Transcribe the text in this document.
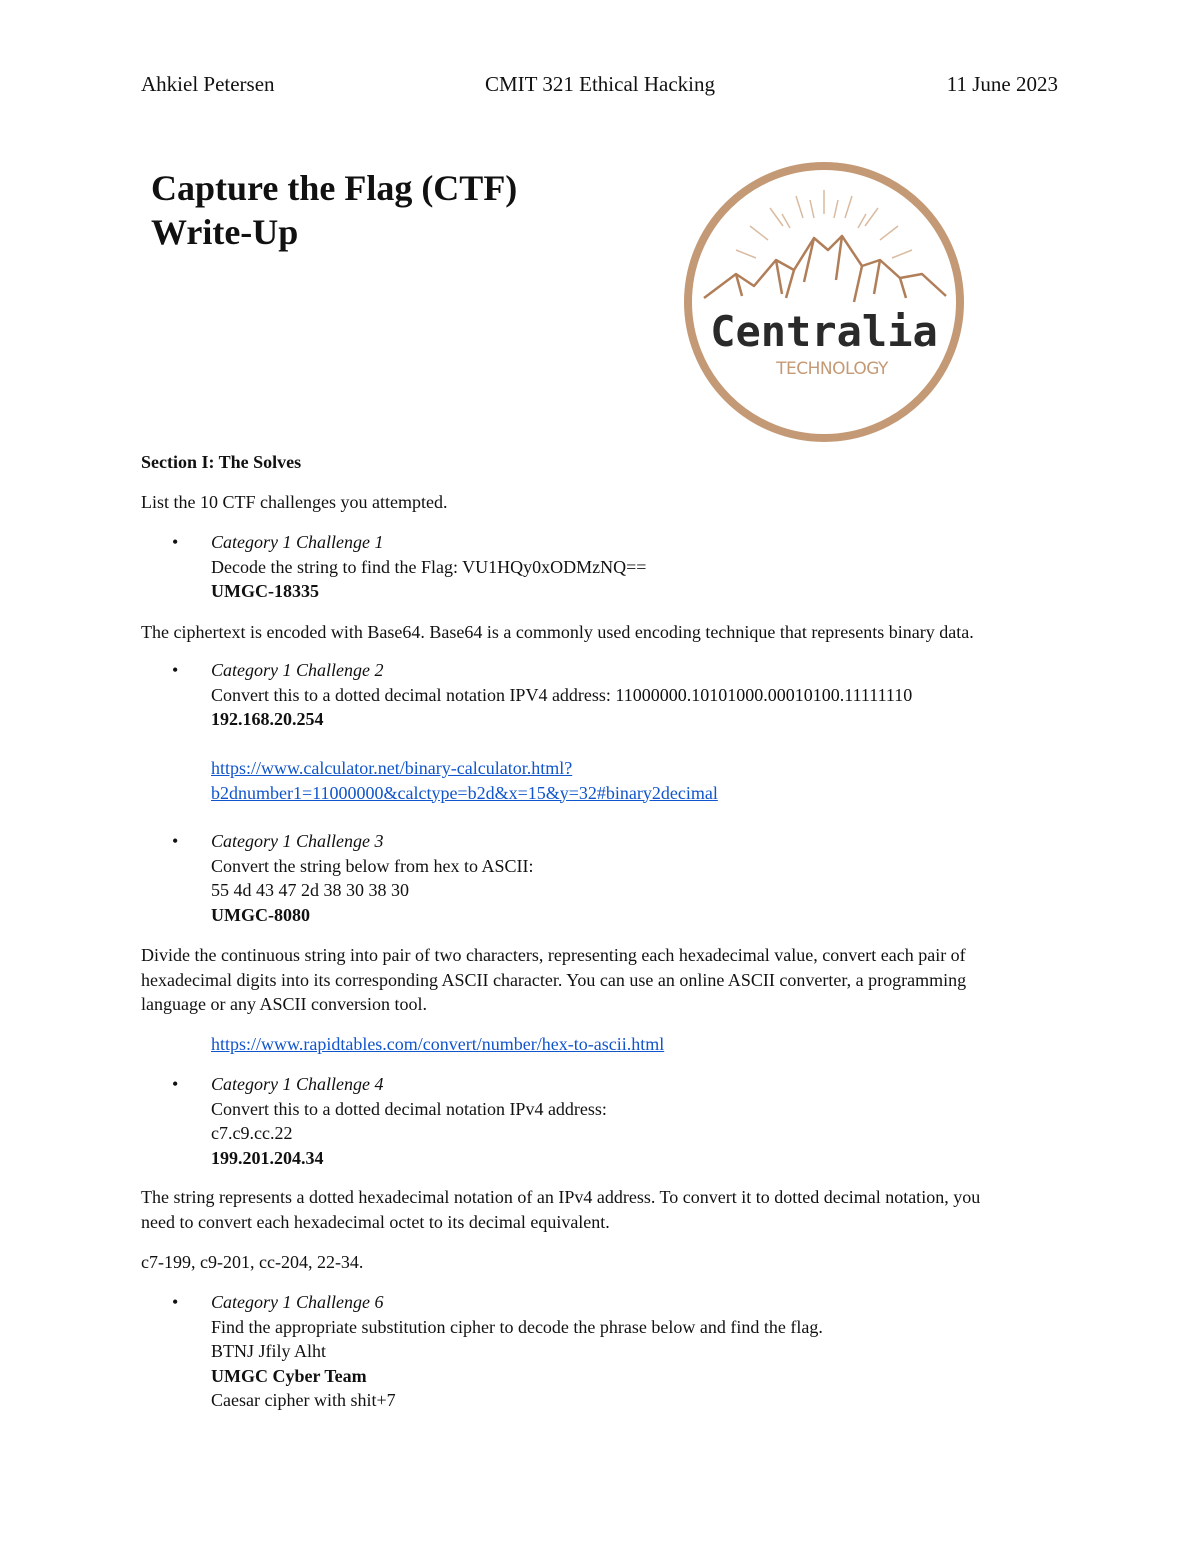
Ahkiel Petersen	CMIT 321 Ethical Hacking	11 June 2023
Capture the Flag (CTF)
Write-Up
Centralia
TECHNOLOGY
Section I: The Solves
List the 10 CTF challenges you attempted.
• Category 1 Challenge 1
Decode the string to find the Flag: VU1HQy0xODMzNQ==
UMGC-18335
The ciphertext is encoded with Base64. Base64 is a commonly used encoding technique that represents binary data.
• Category 1 Challenge 2
Convert this to a dotted decimal notation IPV4 address: 11000000.10101000.00010100.11111110
192.168.20.254
https://www.calculator.net/binary-calculator.html?
b2dnumber1=11000000&calctype=b2d&x=15&y=32#binary2decimal
• Category 1 Challenge 3
Convert the string below from hex to ASCII:
55 4d 43 47 2d 38 30 38 30
UMGC-8080
Divide the continuous string into pair of two characters, representing each hexadecimal value, convert each pair of
hexadecimal digits into its corresponding ASCII character. You can use an online ASCII converter, a programming
language or any ASCII conversion tool.
https://www.rapidtables.com/convert/number/hex-to-ascii.html
• Category 1 Challenge 4
Convert this to a dotted decimal notation IPv4 address:
c7.c9.cc.22
199.201.204.34
The string represents a dotted hexadecimal notation of an IPv4 address. To convert it to dotted decimal notation, you
need to convert each hexadecimal octet to its decimal equivalent.
c7-199, c9-201, cc-204, 22-34.
• Category 1 Challenge 6
Find the appropriate substitution cipher to decode the phrase below and find the flag.
BTNJ Jfily Alht
UMGC Cyber Team
Caesar cipher with shit+7
